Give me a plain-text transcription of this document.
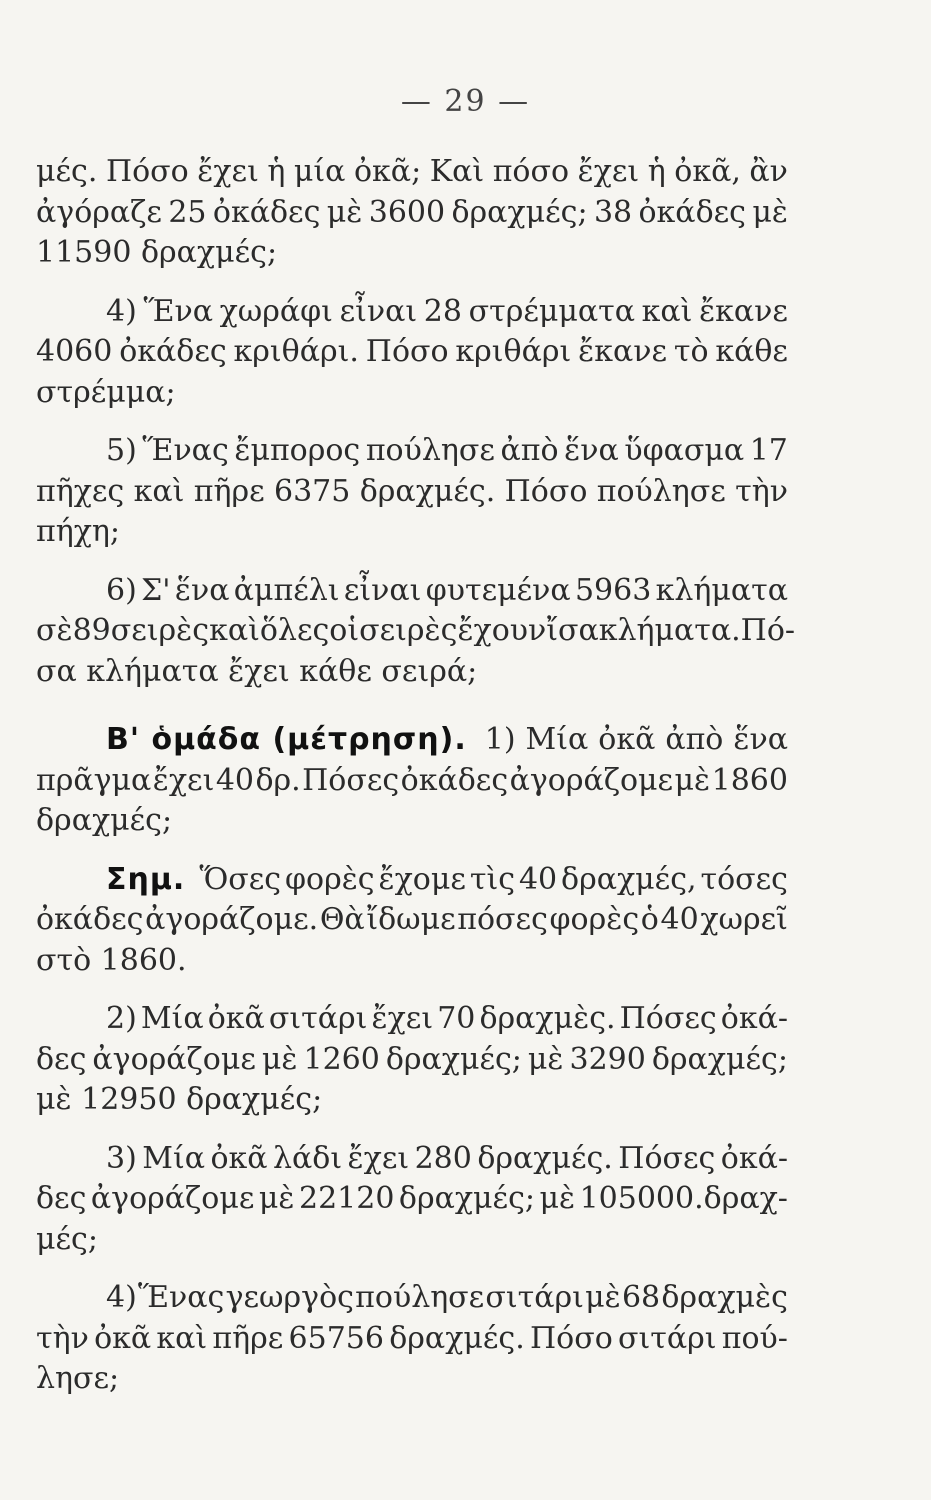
— 29 —
μές. Πόσο ἔχει ἡ μία ὀκᾶ; Καὶ πόσο ἔχει ἡ ὀκᾶ, ἂν
ἀγόραζε 25 ὀκάδες μὲ 3600 δραχμές; 38 ὀκάδες μὲ
11590 δραχμές;
4) Ἕνα χωράφι εἶναι 28 στρέμματα καὶ ἔκανε
4060 ὀκάδες κριθάρι. Πόσο κριθάρι ἔκανε τὸ κάθε
στρέμμα;
5) Ἕνας ἔμπορος πούλησε ἀπὸ ἕνα ὕφασμα 17
πῆχες καὶ πῆρε 6375 δραχμές. Πόσο πούλησε τὴν
πήχη;
6) Σ' ἕνα ἀμπέλι εἶναι φυτεμένα 5963 κλήματα
σὲ 89 σειρὲς καὶ ὅλες οἱ σειρὲς ἔχουν ἴσα κλήματα. Πό-
σα κλήματα ἔχει κάθε σειρά;
Β' ὁμάδα (μέτρηση). 1) Μία ὀκᾶ ἀπὸ ἕνα
πρᾶγμα ἔχει 40 δρ. Πόσες ὀκάδες ἀγοράζομε μὲ 1860
δραχμές;
Σημ. Ὅσες φορὲς ἔχομε τὶς 40 δραχμές, τόσες
ὀκάδες ἀγοράζομε. Θὰ ἴδωμε πόσες φορὲς ὁ 40 χωρεῖ
στὸ 1860.
2) Μία ὀκᾶ σιτάρι ἔχει 70 δραχμὲς. Πόσες ὀκά-
δες ἀγοράζομε μὲ 1260 δραχμές; μὲ 3290 δραχμές;
μὲ 12950 δραχμές;
3) Μία ὀκᾶ λάδι ἔχει 280 δραχμές. Πόσες ὀκά-
δες ἀγοράζομε μὲ 22120 δραχμές; μὲ 105000.δραχ-
μές;
4) Ἕνας γεωργὸς πούλησε σιτάρι μὲ 68 δραχμὲς
τὴν ὀκᾶ καὶ πῆρε 65756 δραχμές. Πόσο σιτάρι πού-
λησε;
